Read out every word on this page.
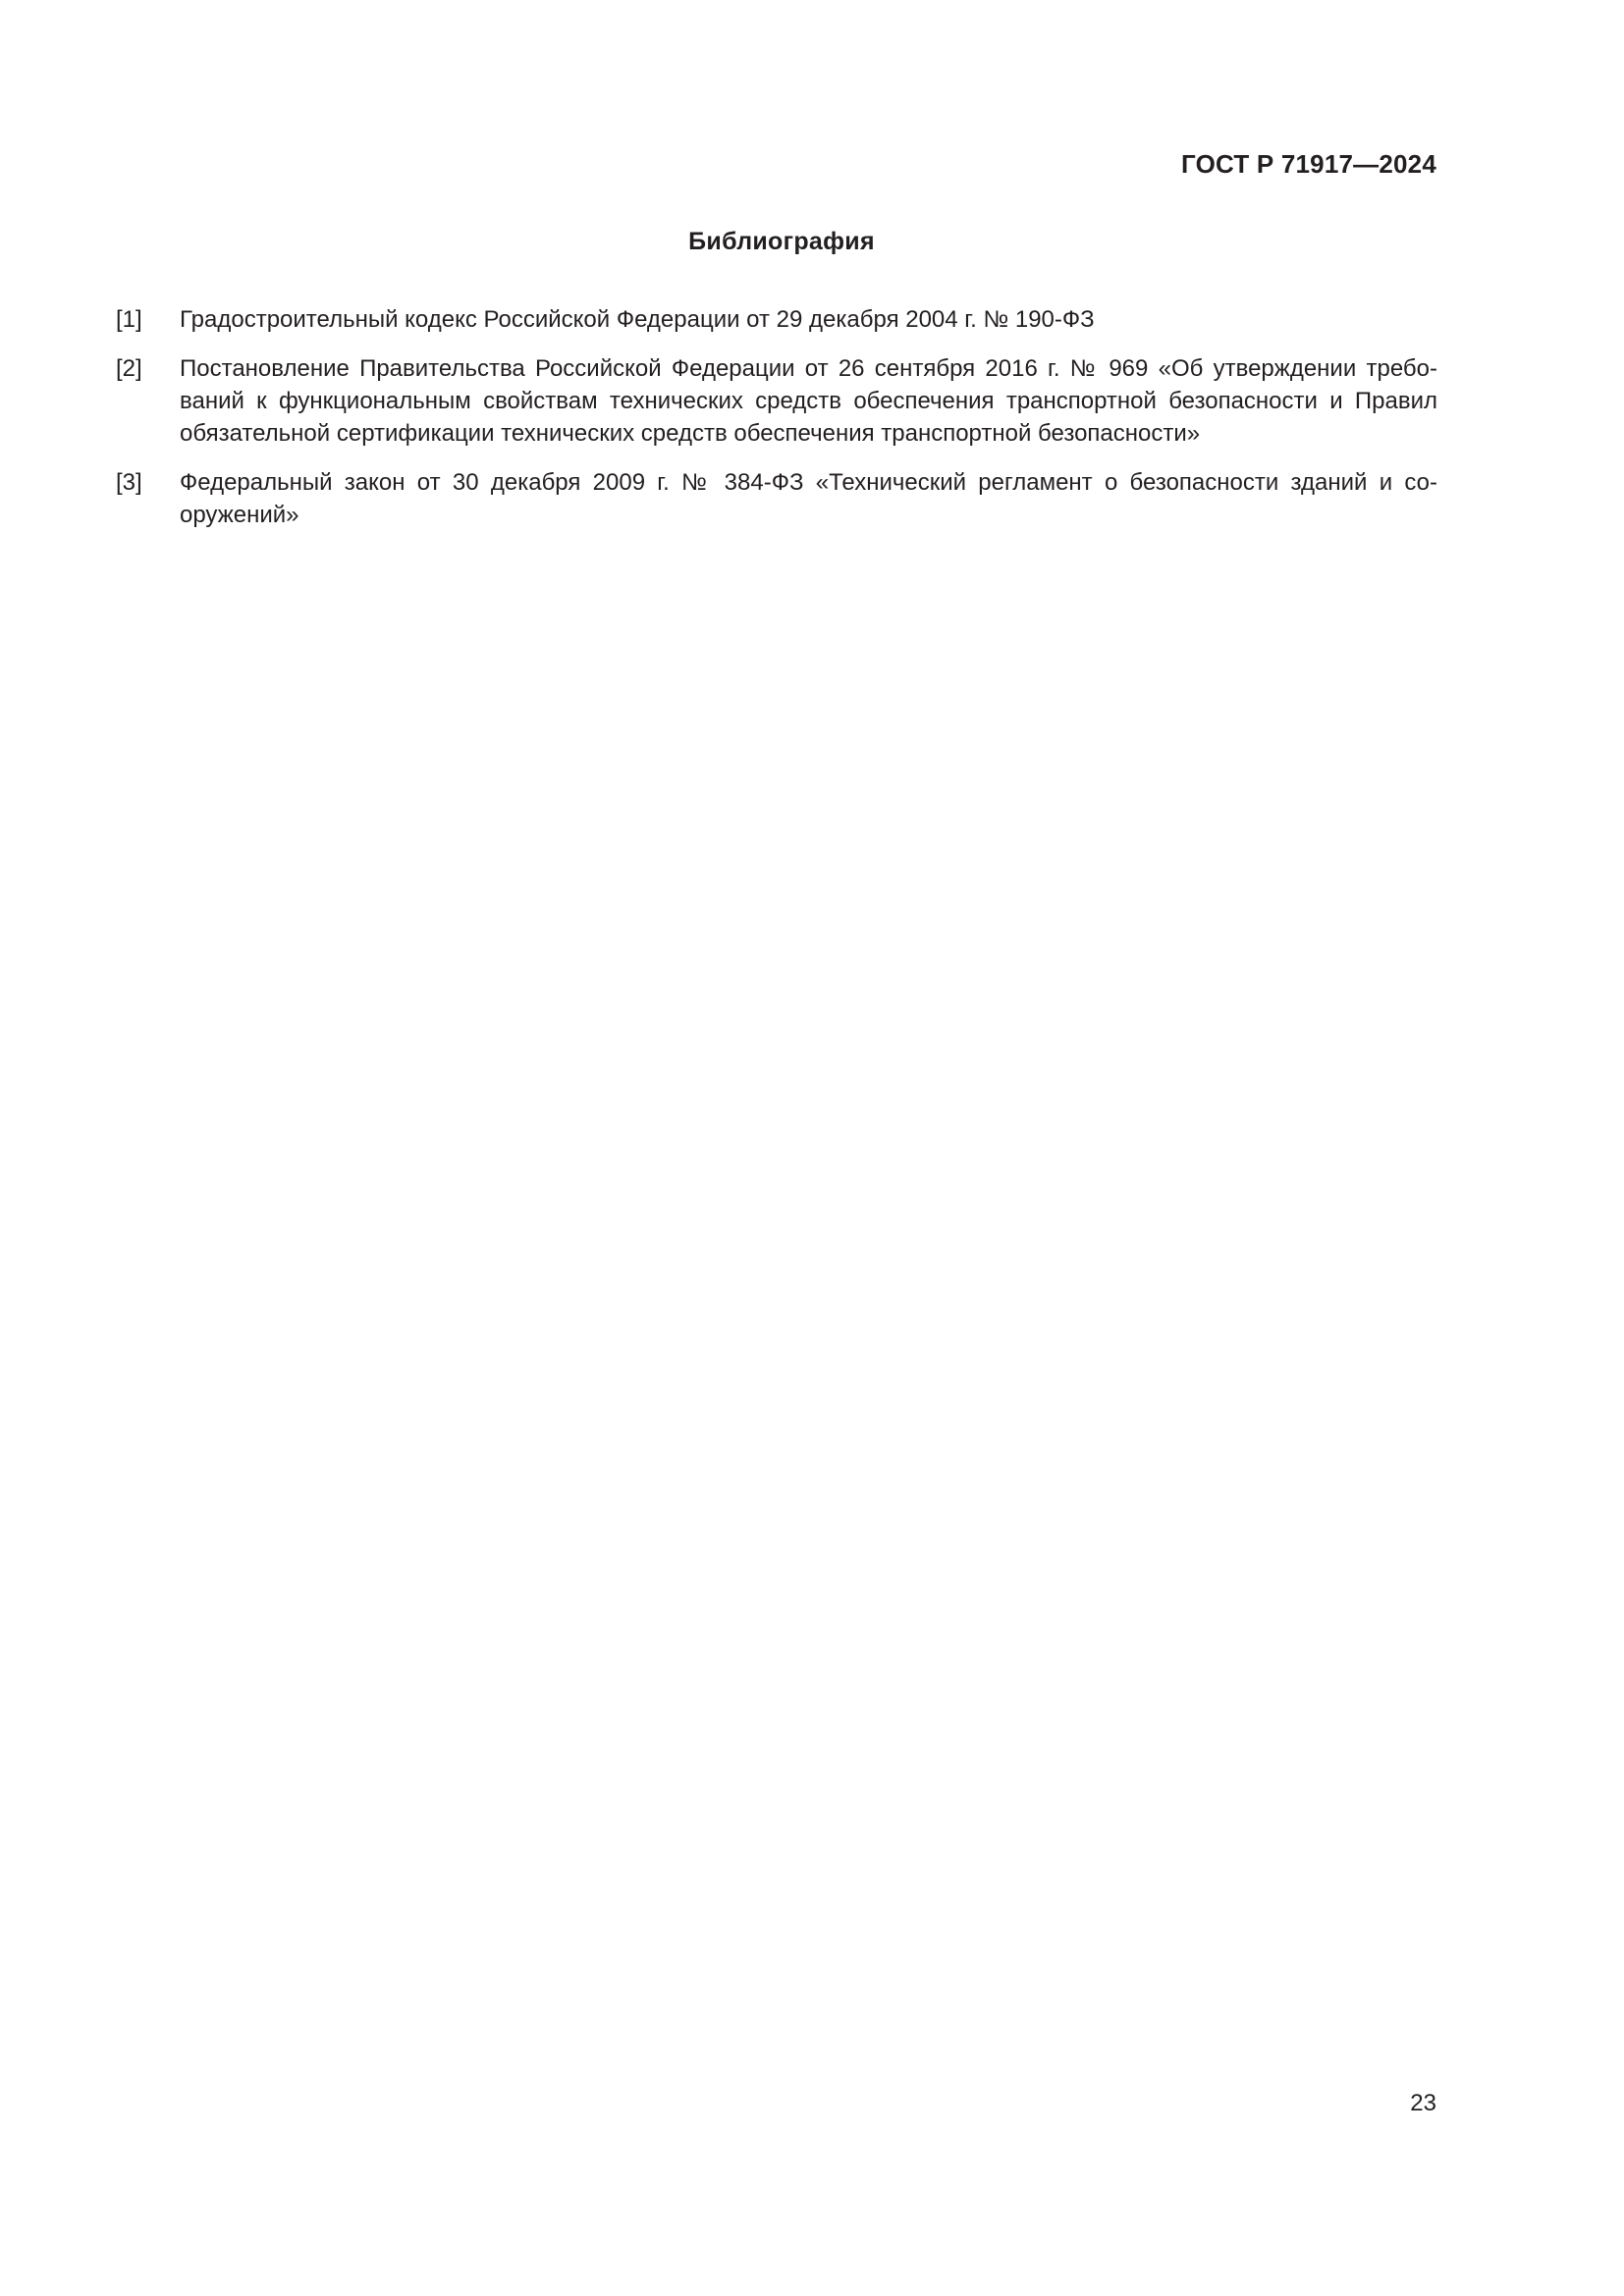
ГОСТ Р 71917—2024
Библиография
[1]	Градостроительный кодекс Российской Федерации от 29 декабря 2004 г. № 190-ФЗ
[2]	Постановление Правительства Российской Федерации от 26 сентября 2016 г. № 969 «Об утверждении требо-
ваний к функциональным свойствам технических средств обеспечения транспортной безопасности и Правил
обязательной сертификации технических средств обеспечения транспортной безопасности»
[3]	Федеральный закон от 30 декабря 2009 г. № 384-ФЗ «Технический регламент о безопасности зданий и со-
оружений»
23
